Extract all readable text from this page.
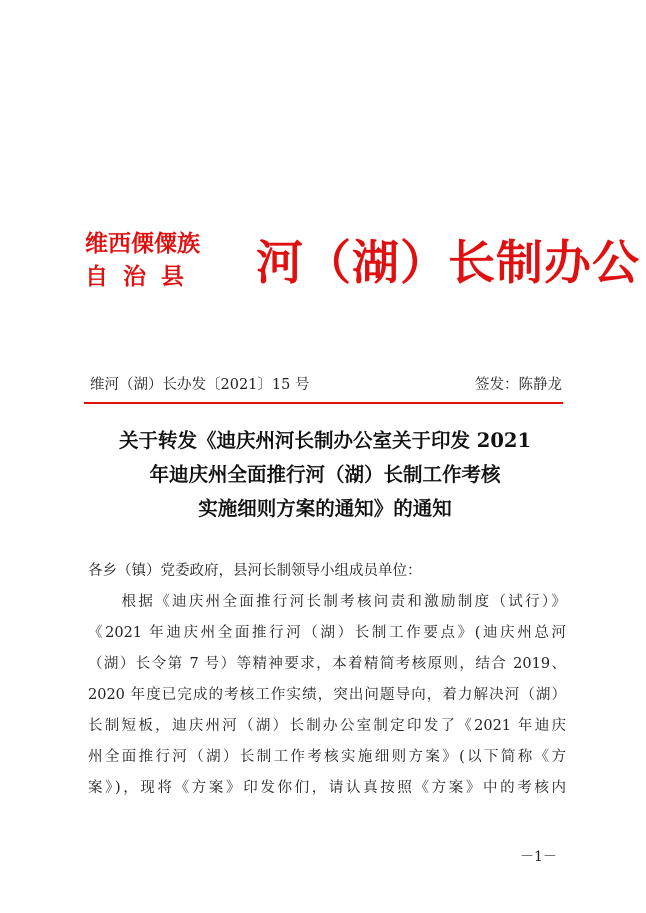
维西傈僳族
自治县 河（湖）长制办公
维河（湖）长办发〔2021〕15 号	签发：陈静龙
关于转发《迪庆州河长制办公室关于印发 2021
年迪庆州全面推行河（湖）长制工作考核
实施细则方案的通知》的通知
各乡（镇）党委政府，县河长制领导小组成员单位：
　　根据《迪庆州全面推行河长制考核问责和激励制度（试行）》
《2021 年迪庆州全面推行河（湖）长制工作要点》(迪庆州总河
（湖）长令第 7 号）等精神要求，本着精简考核原则，结合 2019、
2020 年度已完成的考核工作实绩，突出问题导向，着力解决河（湖）
长制短板，迪庆州河（湖）长制办公室制定印发了《2021 年迪庆
州全面推行河（湖）长制工作考核实施细则方案》(以下简称《方
案》)，现将《方案》印发你们，请认真按照《方案》中的考核内
－1－
